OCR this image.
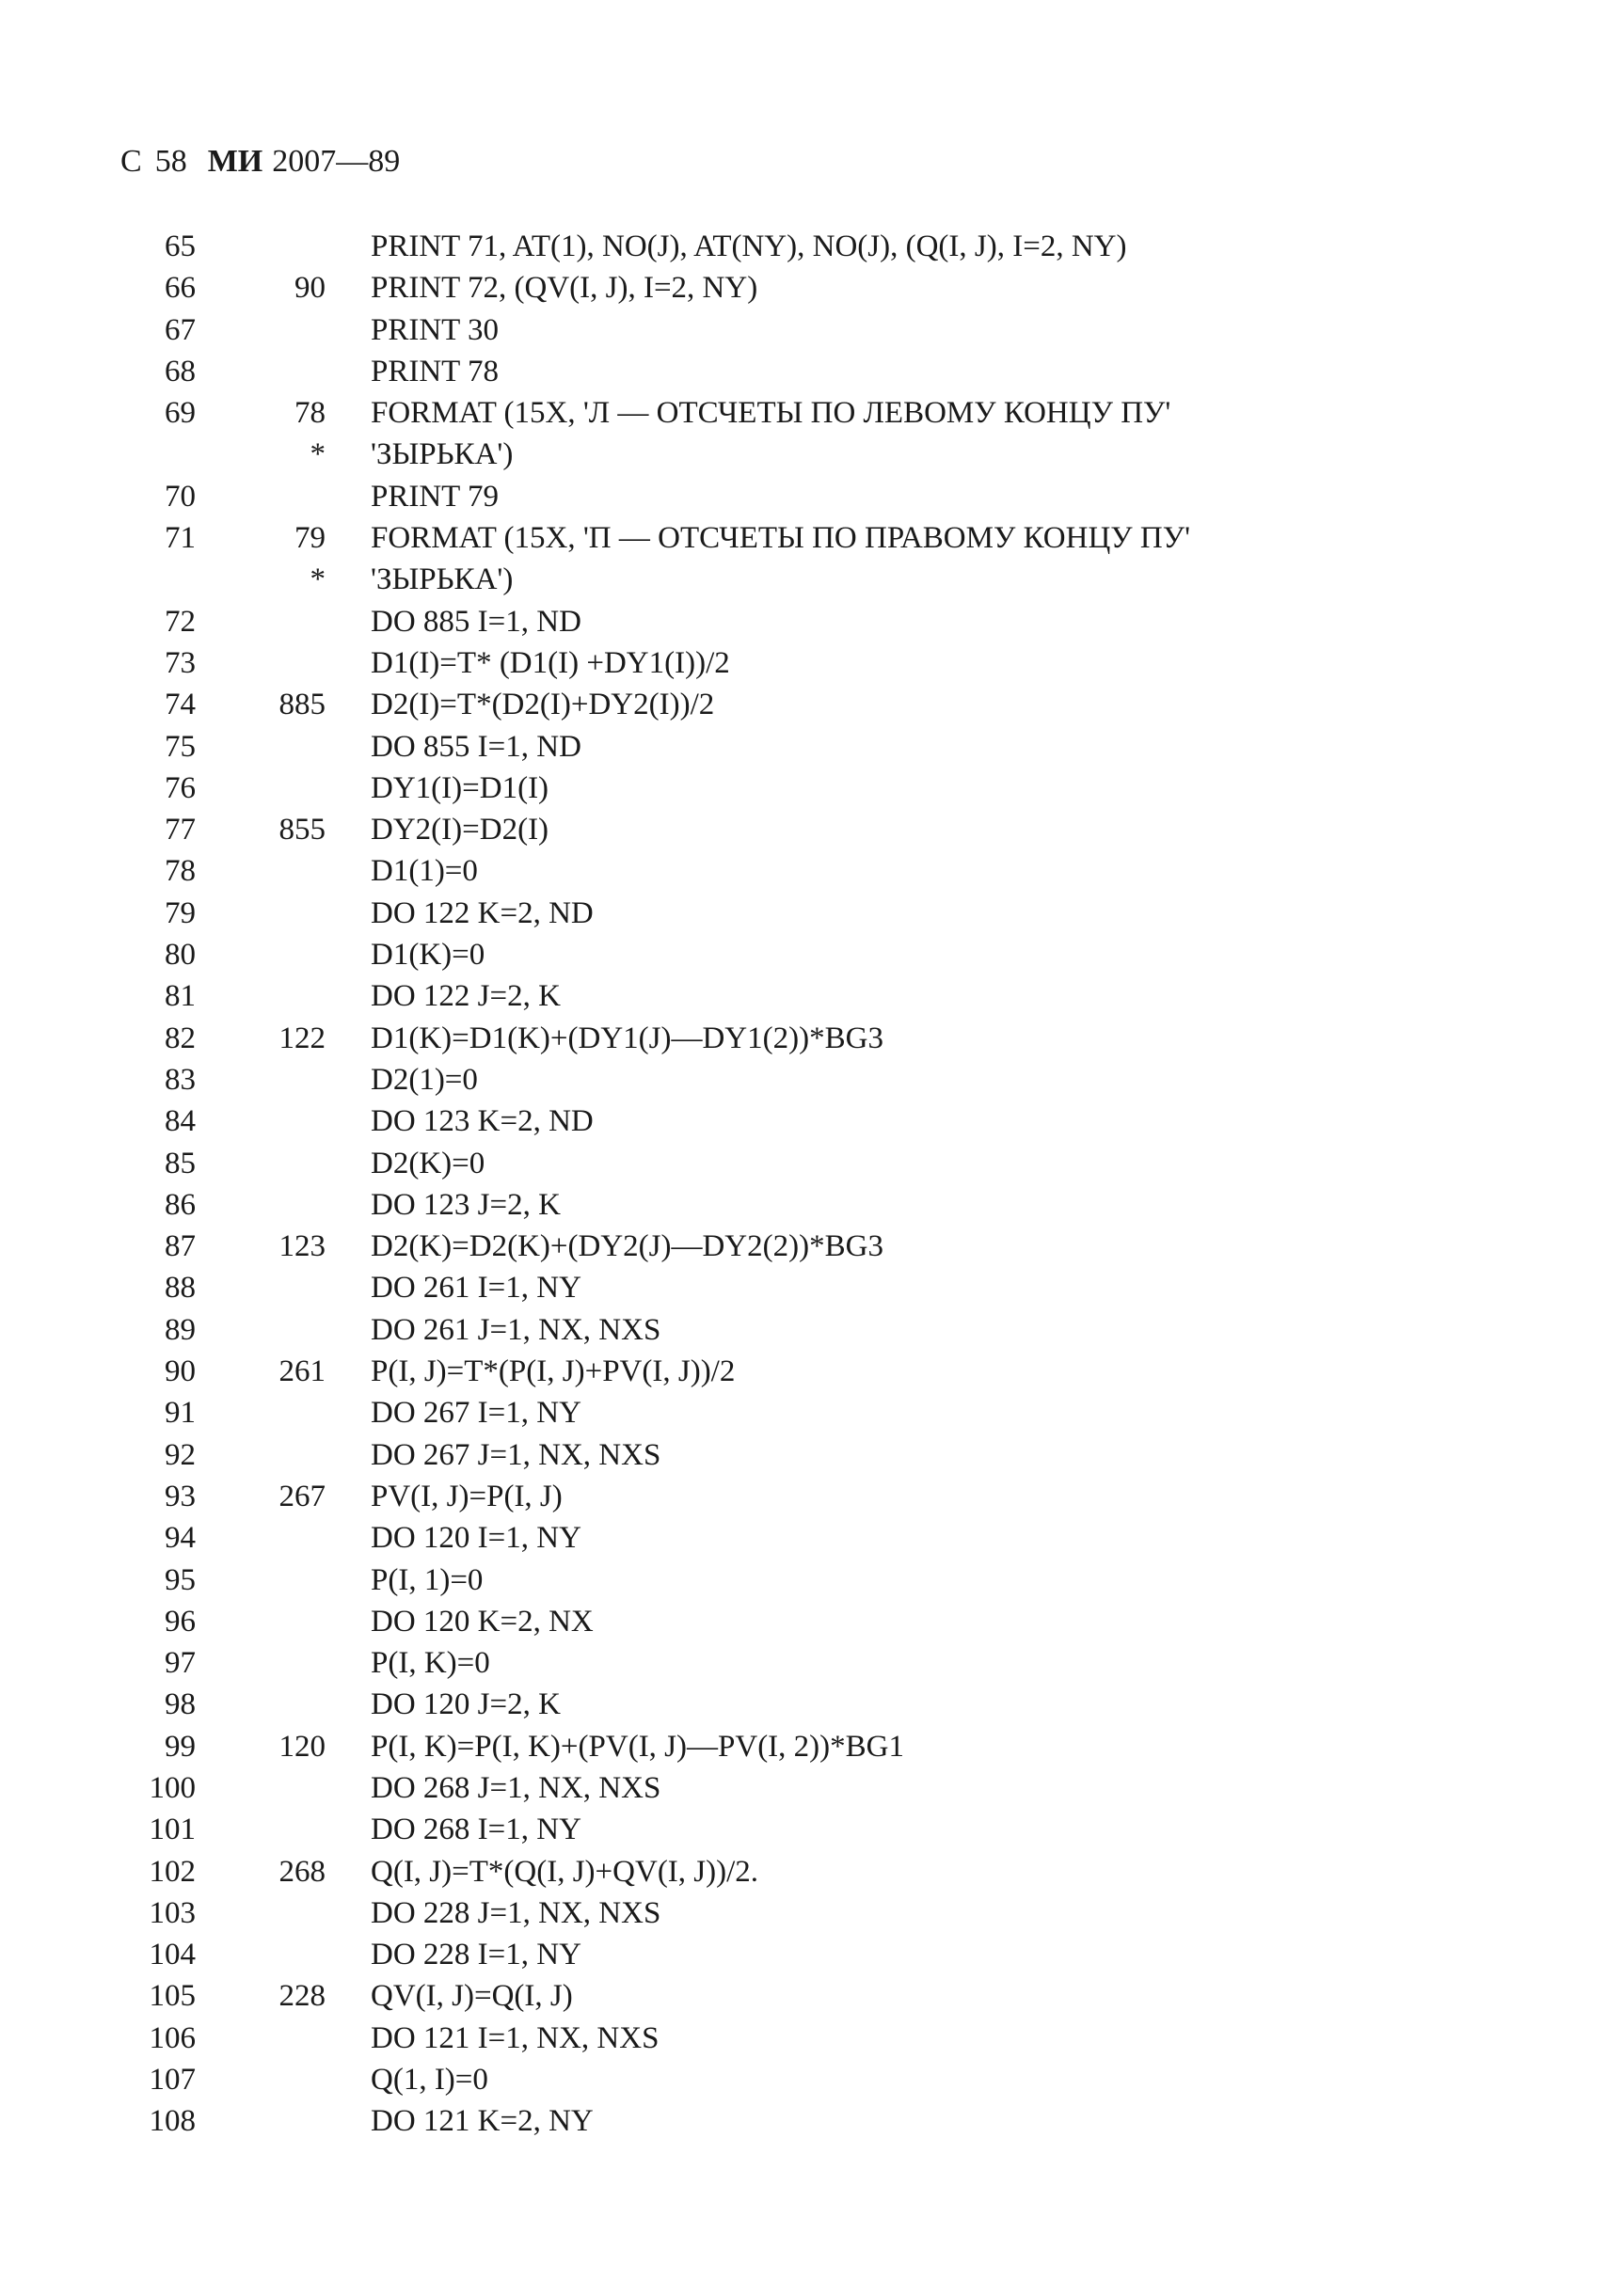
С 58 МИ 2007—89
65	PRINT 71, AT(1), NO(J), AT(NY), NO(J), (Q(I, J), I=2, NY)
66	90 PRINT 72, (QV(I, J), I=2, NY)
67	PRINT 30
68	PRINT 78
69	78 FORMAT (15X, 'Л — ОТСЧЕТЫ ПО ЛЕВОМУ КОНЦУ ПУ'
* 'ЗЫРЬКА')
70	PRINT 79
71	79 FORMAT (15X, 'П — ОТСЧЕТЫ ПО ПРАВОМУ КОНЦУ ПУ'
* 'ЗЫРЬКА')
72	DO 885 I=1, ND
73	D1(I)=T* (D1(I) +DY1(I))/2
74	885 D2(I)=T*(D2(I)+DY2(I))/2
75	DO 855 I=1, ND
76	DY1(I)=D1(I)
77	855 DY2(I)=D2(I)
78	D1(1)=0
79	DO 122 K=2, ND
80	D1(K)=0
81	DO 122 J=2, K
82	122 D1(K)=D1(K)+(DY1(J)—DY1(2))*BG3
83	D2(1)=0
84	DO 123 K=2, ND
85	D2(K)=0
86	DO 123 J=2, K
87	123 D2(K)=D2(K)+(DY2(J)—DY2(2))*BG3
88	DO 261 I=1, NY
89	DO 261 J=1, NX, NXS
90	261 P(I, J)=T*(P(I, J)+PV(I, J))/2
91	DO 267 I=1, NY
92	DO 267 J=1, NX, NXS
93	267 PV(I, J)=P(I, J)
94	DO 120 I=1, NY
95	P(I, 1)=0
96	DO 120 K=2, NX
97	P(I, K)=0
98	DO 120 J=2, K
99	120 P(I, K)=P(I, K)+(PV(I, J)—PV(I, 2))*BG1
100	DO 268 J=1, NX, NXS
101	DO 268 I=1, NY
102	268 Q(I, J)=T*(Q(I, J)+QV(I, J))/2.
103	DO 228 J=1, NX, NXS
104	DO 228 I=1, NY
105	228 QV(I, J)=Q(I, J)
106	DO 121 I=1, NX, NXS
107	Q(1, I)=0
108	DO 121 K=2, NY
